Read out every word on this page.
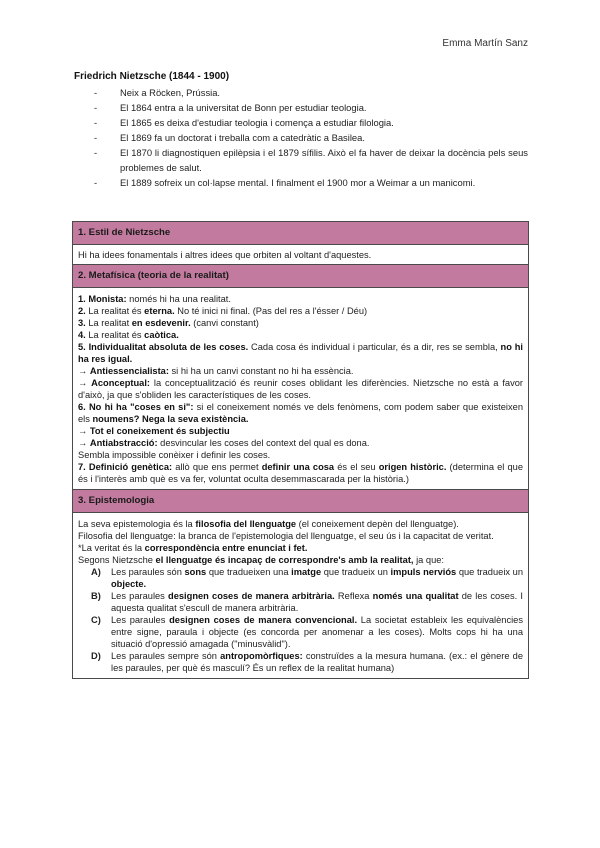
Emma Martín Sanz
Friedrich Nietzsche (1844 - 1900)
- Neix a Röcken, Prússia.
- El 1864 entra a la universitat de Bonn per estudiar teologia.
- El 1865 es deixa d'estudiar teologia i comença a estudiar filologia.
- El 1869 fa un doctorat i treballa com a catedràtic a Basilea.
- El 1870 li diagnostiquen epilèpsia i el 1879 sífilis. Això el fa haver de deixar la docència pels seus problemes de salut.
- El 1889 sofreix un col·lapse mental. I finalment el 1900 mor a Weimar a un manicomi.
1. Estil de Nietzsche

Hi ha idees fonamentals i altres idees que orbiten al voltant d'aquestes.

2. Metafísica (teoria de la realitat)

1. Monista: només hi ha una realitat.

2. La realitat és eterna. No té inici ni final. (Pas del res a l'ésser / Déu)

3. La realitat en esdevenir. (canvi constant)

4. La realitat és caòtica.

5. Individualitat absoluta de les coses. Cada cosa és individual i particular, és a dir, res se sembla, no hi ha res igual.

→ Antiessencialista: si hi ha un canvi constant no hi ha essència.

→ Aconceptual: la conceptualització és reunir coses oblidant les diferències. Nietzsche no està a favor d'això, ja que s'obliden les característiques de les coses.

6. No hi ha "coses en si": si el coneixement només ve dels fenòmens, com podem saber que existeixen els noumens? Nega la seva existència.

→ Tot el coneixement és subjectiu

→ Antiabstracció: desvincular les coses del context del qual es dona.

Sembla impossible conèixer i definir les coses.

7. Definició genètica: allò que ens permet definir una cosa és el seu origen històric. (determina el que és i l'interès amb què es va fer, voluntat oculta desemmascarada per la història.)

3. Epistemologia

La seva epistemologia és la filosofia del llenguatge (el coneixement depèn del llenguatge).

Filosofia del llenguatge: la branca de l'epistemologia del llenguatge, el seu ús i la capacitat de veritat.

*La veritat és la correspondència entre enunciat i fet.

Segons Nietzsche el llenguatge és incapaç de correspondre's amb la realitat, ja que:

A) Les paraules són sons que tradueixen una imatge que tradueix un impuls nerviós que tradueix un objecte.

B) Les paraules designen coses de manera arbitrària. Reflexa només una qualitat de les coses. I aquesta qualitat s'escull de manera arbitrària.

C) Les paraules designen coses de manera convencional. La societat estableix les equivalències entre signe, paraula i objecte (es concorda per anomenar a les coses). Molts cops hi ha una situació d'opressió amagada ("minusvàlid").

D) Les paraules sempre són antropomòrfiques: construïdes a la mesura humana. (ex.: el gènere de les paraules, per què és masculí? És un reflex de la realitat humana)
